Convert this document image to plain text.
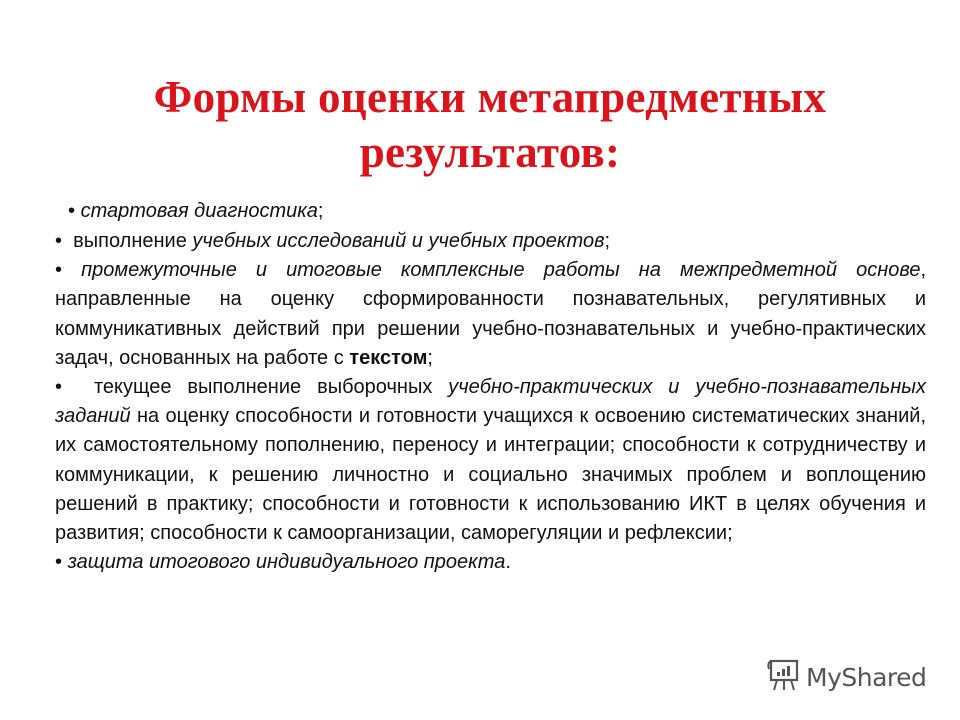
Формы оценки метапредметных
результатов:
• стартовая диагностика;

• выполнение учебных исследований и учебных проектов;

• промежуточные и итоговые комплексные работы на межпредметной основе, направленные на оценку сформированности познавательных, регулятивных и коммуникативных действий при решении учебно-познавательных и учебно-практических задач, основанных на работе с текстом;

• текущее выполнение выборочных учебно-практических и учебно-познавательных заданий на оценку способности и готовности учащихся к освоению систематических знаний, их самостоятельному пополнению, переносу и интеграции; способности к сотрудничеству и коммуникации, к решению личностно и социально значимых проблем и воплощению решений в практику; способности и готовности к использованию ИКТ в целях обучения и развития; способности к самоорганизации, саморегуляции и рефлексии;

• защита итогового индивидуального проекта.

MyShared
